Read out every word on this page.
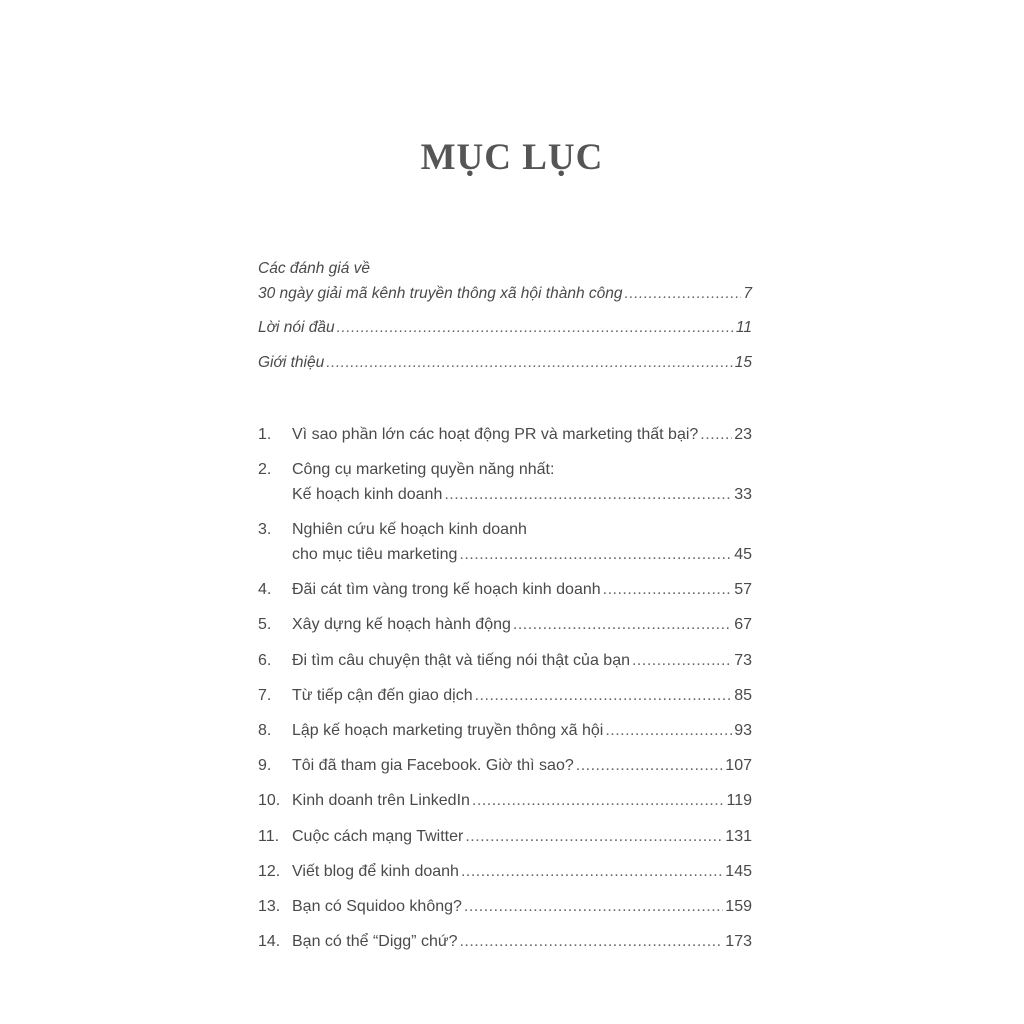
MỤC LỤC
Các đánh giá về
30 ngày giải mã kênh truyền thông xã hội thành công .....	7
Lời nói đầu .....	11
Giới thiệu .....	15
1.	Vì sao phần lớn các hoạt động PR và marketing thất bại? ..... 23
2.	Công cụ marketing quyền năng nhất:
Kế hoạch kinh doanh .....	33
3.	Nghiên cứu kế hoạch kinh doanh
cho mục tiêu marketing .....	45
4.	Đãi cát tìm vàng trong kế hoạch kinh doanh .....	57
5.	Xây dựng kế hoạch hành động .....	67
6.	Đi tìm câu chuyện thật và tiếng nói thật của bạn .....	73
7.	Từ tiếp cận đến giao dịch .....	85
8.	Lập kế hoạch marketing truyền thông xã hội .....	93
9.	Tôi đã tham gia Facebook. Giờ thì sao? .....	107
10. Kinh doanh trên LinkedIn .....	119
11. Cuộc cách mạng Twitter .....	131
12. Viết blog để kinh doanh .....	145
13. Bạn có Squidoo không? .....	159
14. Bạn có thể “Digg” chứ? .....	173
